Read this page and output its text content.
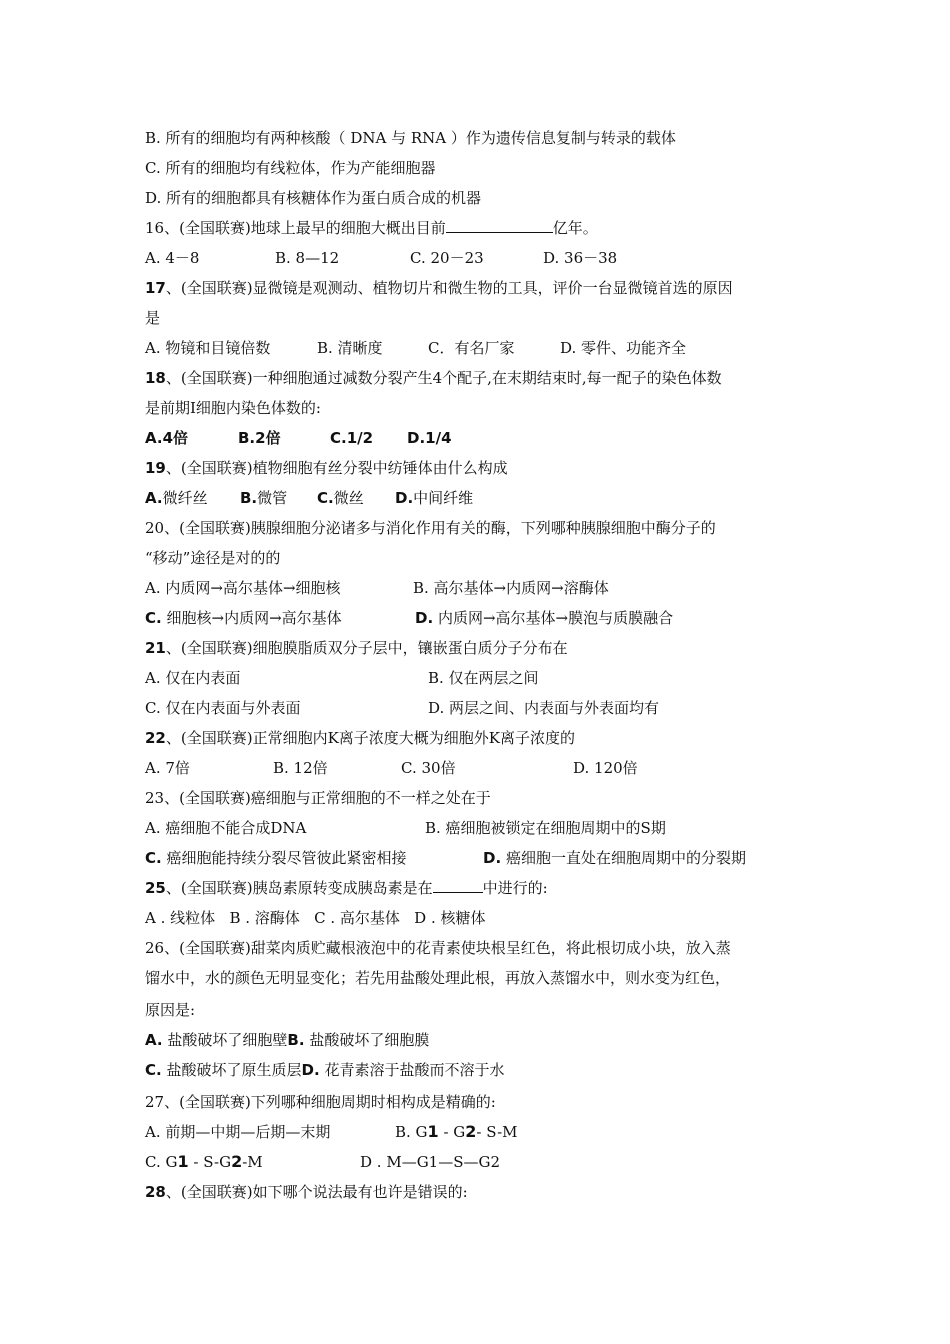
B. 所有的细胞均有两种核酸（ DNA 与 RNA ）作为遗传信息复制与转录的载体
C. 所有的细胞均有线粒体，作为产能细胞器
D. 所有的细胞都具有核糖体作为蛋白质合成的机器
16、(全国联赛)地球上最早的细胞大概出目前	亿年。

A. 4－8

	B. 8—12

	C. 20－23

	D. 36－38

17、(全国联赛)显微镜是观测动、植物切片和微生物的工具，评价一台显微镜首选的原因
是

A. 物镜和目镜倍数

	B. 清晰度

	C．有名厂家

	D. 零件、功能齐全

18、(全国联赛)一种细胞通过减数分裂产生4个配子,在末期结束时,每一配子的染色体数
是前期Ⅰ细胞内染色体数的:

A.4倍

	B.2倍

	C.1/2

D.1/4

19、(全国联赛)植物细胞有丝分裂中纺锤体由什么构成

A.微纤丝

B.微管

C.微丝

D.中间纤维

20、(全国联赛)胰腺细胞分泌诸多与消化作用有关的酶，下列哪种胰腺细胞中酶分子的
“移动”途径是对的的

A. 内质网→高尔基体→细胞核

	B. 高尔基体→内质网→溶酶体

C. 细胞核→内质网→高尔基体

	D. 内质网→高尔基体→膜泡与质膜融合

21、(全国联赛)细胞膜脂质双分子层中，镶嵌蛋白质分子分布在

A. 仅在内表面

	B. 仅在两层之间

C. 仅在内表面与外表面

	D. 两层之间、内表面与外表面均有

22、(全国联赛)正常细胞内K离子浓度大概为细胞外K离子浓度的

A. 7倍

	B. 12倍

	C. 30倍

	D. 120倍

23、(全国联赛)癌细胞与正常细胞的不一样之处在于

A. 癌细胞不能合成DNA

	B. 癌细胞被锁定在细胞周期中的S期

C. 癌细胞能持续分裂尽管彼此紧密相接

	D. 癌细胞一直处在细胞周期中的分裂期

25、(全国联赛)胰岛素原转变成胰岛素是在	中进行的:
A . 线粒体   B . 溶酶体   C . 高尔基体   D . 核糖体
26、(全国联赛)甜菜肉质贮藏根液泡中的花青素使块根呈红色，将此根切成小块，放入蒸
馏水中，水的颜色无明显变化；若先用盐酸处理此根，再放入蒸馏水中，则水变为红色，
原因是:
A. 盐酸破坏了细胞壁B. 盐酸破坏了细胞膜
C. 盐酸破坏了原生质层D. 花青素溶于盐酸而不溶于水
27、(全国联赛)下列哪种细胞周期时相构成是精确的:

A. 前期—中期—后期—末期

	B. G1 - G2- S-M

C. G1 - S-G2-M

	D . M—G1—S—G2

28、(全国联赛)如下哪个说法最有也许是错误的:
